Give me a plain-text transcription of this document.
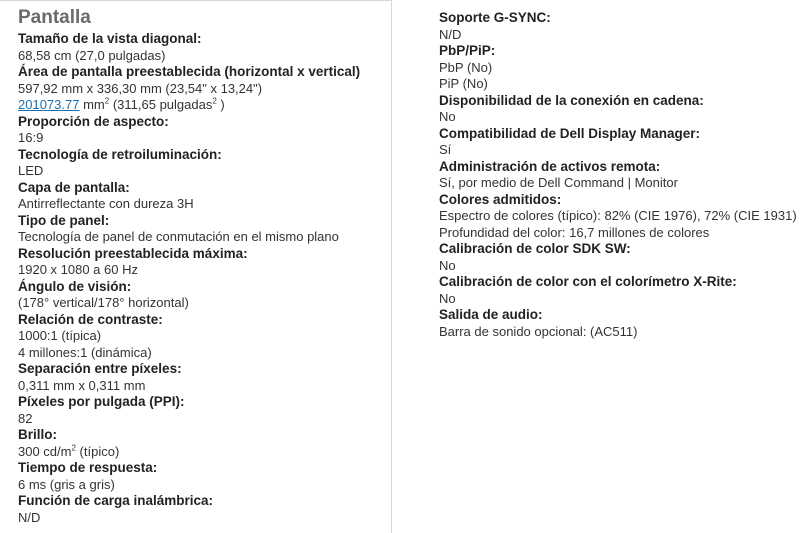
Pantalla
Tamaño de la vista diagonal:
68,58 cm (27,0 pulgadas)
Área de pantalla preestablecida (horizontal x vertical)
597,92 mm x 336,30 mm (23,54" x 13,24")
201073.77 $mm^2$ (311,65 pulgadas$^2$ )
Proporción de aspecto:
16:9
Tecnología de retroiluminación:
LED
Capa de pantalla:
Antirreflectante con dureza 3H
Tipo de panel:
Tecnología de panel de conmutación en el mismo plano
Resolución preestablecida máxima:
1920 x 1080 a 60 Hz
Ángulo de visión:
(178° vertical/178° horizontal)
Relación de contraste:
1000:1 (típica)
4 millones:1 (dinámica)
Separación entre píxeles:
0,311 mm x 0,311 mm
Píxeles por pulgada (PPI):
82
Brillo:
300 $cd/m^2$ (típico)
Tiempo de respuesta:
6 ms (gris a gris)
Función de carga inalámbrica:
N/D
Soporte G-SYNC:
N/D
PbP/PiP:
PbP (No)
PiP (No)
Disponibilidad de la conexión en cadena:
No
Compatibilidad de Dell Display Manager:
Sí
Administración de activos remota:
Sí, por medio de Dell Command | Monitor
Colores admitidos:
Espectro de colores (típico): 82% (CIE 1976), 72% (CIE 1931)
Profundidad del color: 16,7 millones de colores
Calibración de color SDK SW:
No
Calibración de color con el colorímetro X-Rite:
No
Salida de audio:
Barra de sonido opcional: (AC511)
